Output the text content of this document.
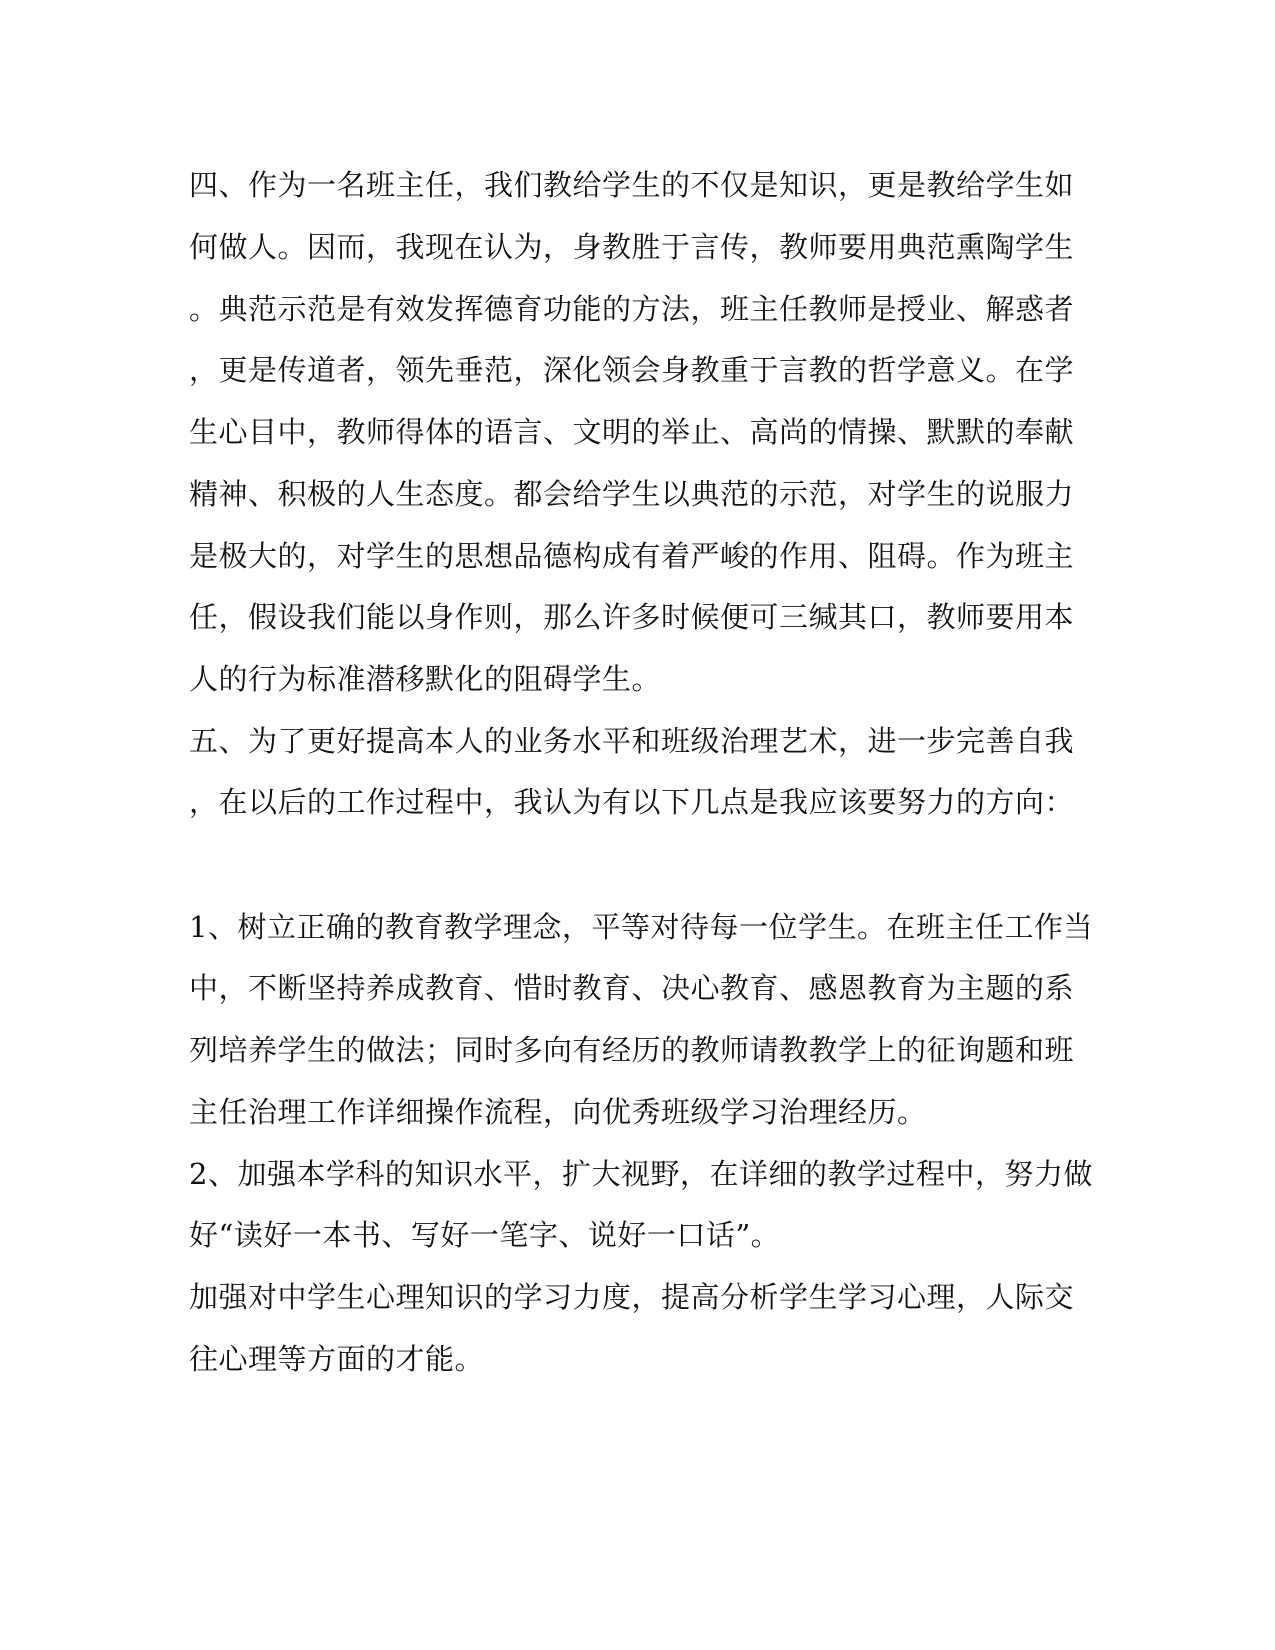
四、作为一名班主任，我们教给学生的不仅是知识，更是教给学生如
何做人。因而，我现在认为，身教胜于言传，教师要用典范熏陶学生
。典范示范是有效发挥德育功能的方法，班主任教师是授业、解惑者
，更是传道者，领先垂范，深化领会身教重于言教的哲学意义。在学
生心目中，教师得体的语言、文明的举止、高尚的情操、默默的奉献
精神、积极的人生态度。都会给学生以典范的示范，对学生的说服力
是极大的，对学生的思想品德构成有着严峻的作用、阻碍。作为班主
任，假设我们能以身作则，那么许多时候便可三缄其口，教师要用本
人的行为标准潜移默化的阻碍学生。
五、为了更好提高本人的业务水平和班级治理艺术，进一步完善自我
，在以后的工作过程中，我认为有以下几点是我应该要努力的方向：
1、树立正确的教育教学理念，平等对待每一位学生。在班主任工作当
中，不断坚持养成教育、惜时教育、决心教育、感恩教育为主题的系
列培养学生的做法；同时多向有经历的教师请教教学上的征询题和班
主任治理工作详细操作流程，向优秀班级学习治理经历。
2、加强本学科的知识水平，扩大视野，在详细的教学过程中，努力做
好“读好一本书、写好一笔字、说好一口话”。
加强对中学生心理知识的学习力度，提高分析学生学习心理，人际交
往心理等方面的才能。
